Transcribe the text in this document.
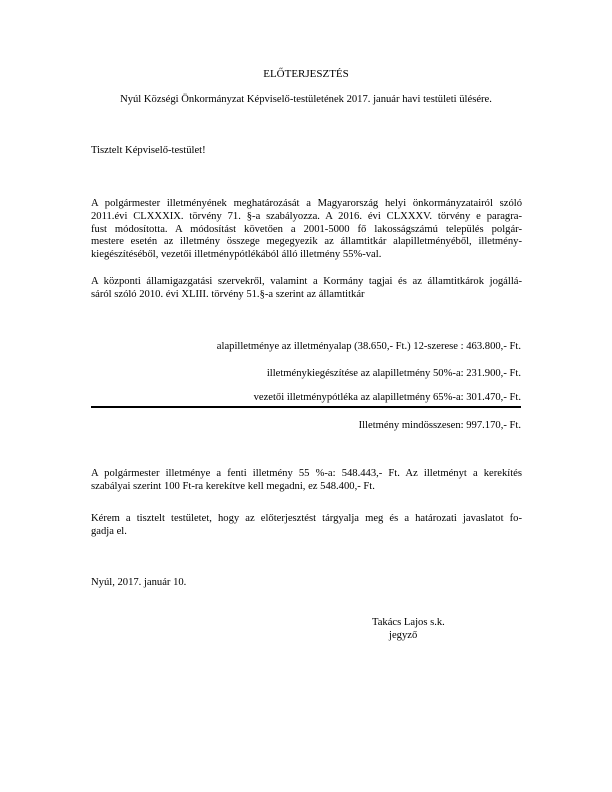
ELŐTERJESZTÉS
Nyúl Községi Önkormányzat Képviselő-testületének 2017. január havi testületi ülésére.
Tisztelt Képviselő-testület!
A polgármester illetményének meghatározását a Magyarország helyi önkormányzatairól szóló
2011.évi CLXXXIX. törvény 71. §-a szabályozza. A 2016. évi CLXXXV. törvény e paragra-
fust módosította. A módosítást követően a 2001-5000 fő lakosságszámú település polgár-
mestere esetén az illetmény összege megegyezik az államtitkár alapilletményéből, illetmény-
kiegészítéséből, vezetői illetménypótlékából álló illetmény 55%-val.
A központi államigazgatási szervekről, valamint a Kormány tagjai és az államtitkárok jogállá-
sáról szóló 2010. évi XLIII. törvény 51.§-a szerint az államtitkár
alapilletménye az illetményalap (38.650,- Ft.) 12-szerese : 463.800,- Ft.
illetménykiegészítése az alapilletmény 50%-a: 231.900,- Ft.
vezetői illetménypótléka az alapilletmény 65%-a: 301.470,- Ft.
Illetmény mindösszesen: 997.170,- Ft.
A polgármester illetménye a fenti illetmény 55 %-a: 548.443,- Ft. Az illetményt a kerekítés
szabályai szerint 100 Ft-ra kerekítve kell megadni, ez 548.400,- Ft.
Kérem a tisztelt testületet, hogy az előterjesztést tárgyalja meg és a határozati javaslatot fo-
gadja el.
Nyúl, 2017. január 10.
Takács Lajos s.k.
jegyző
